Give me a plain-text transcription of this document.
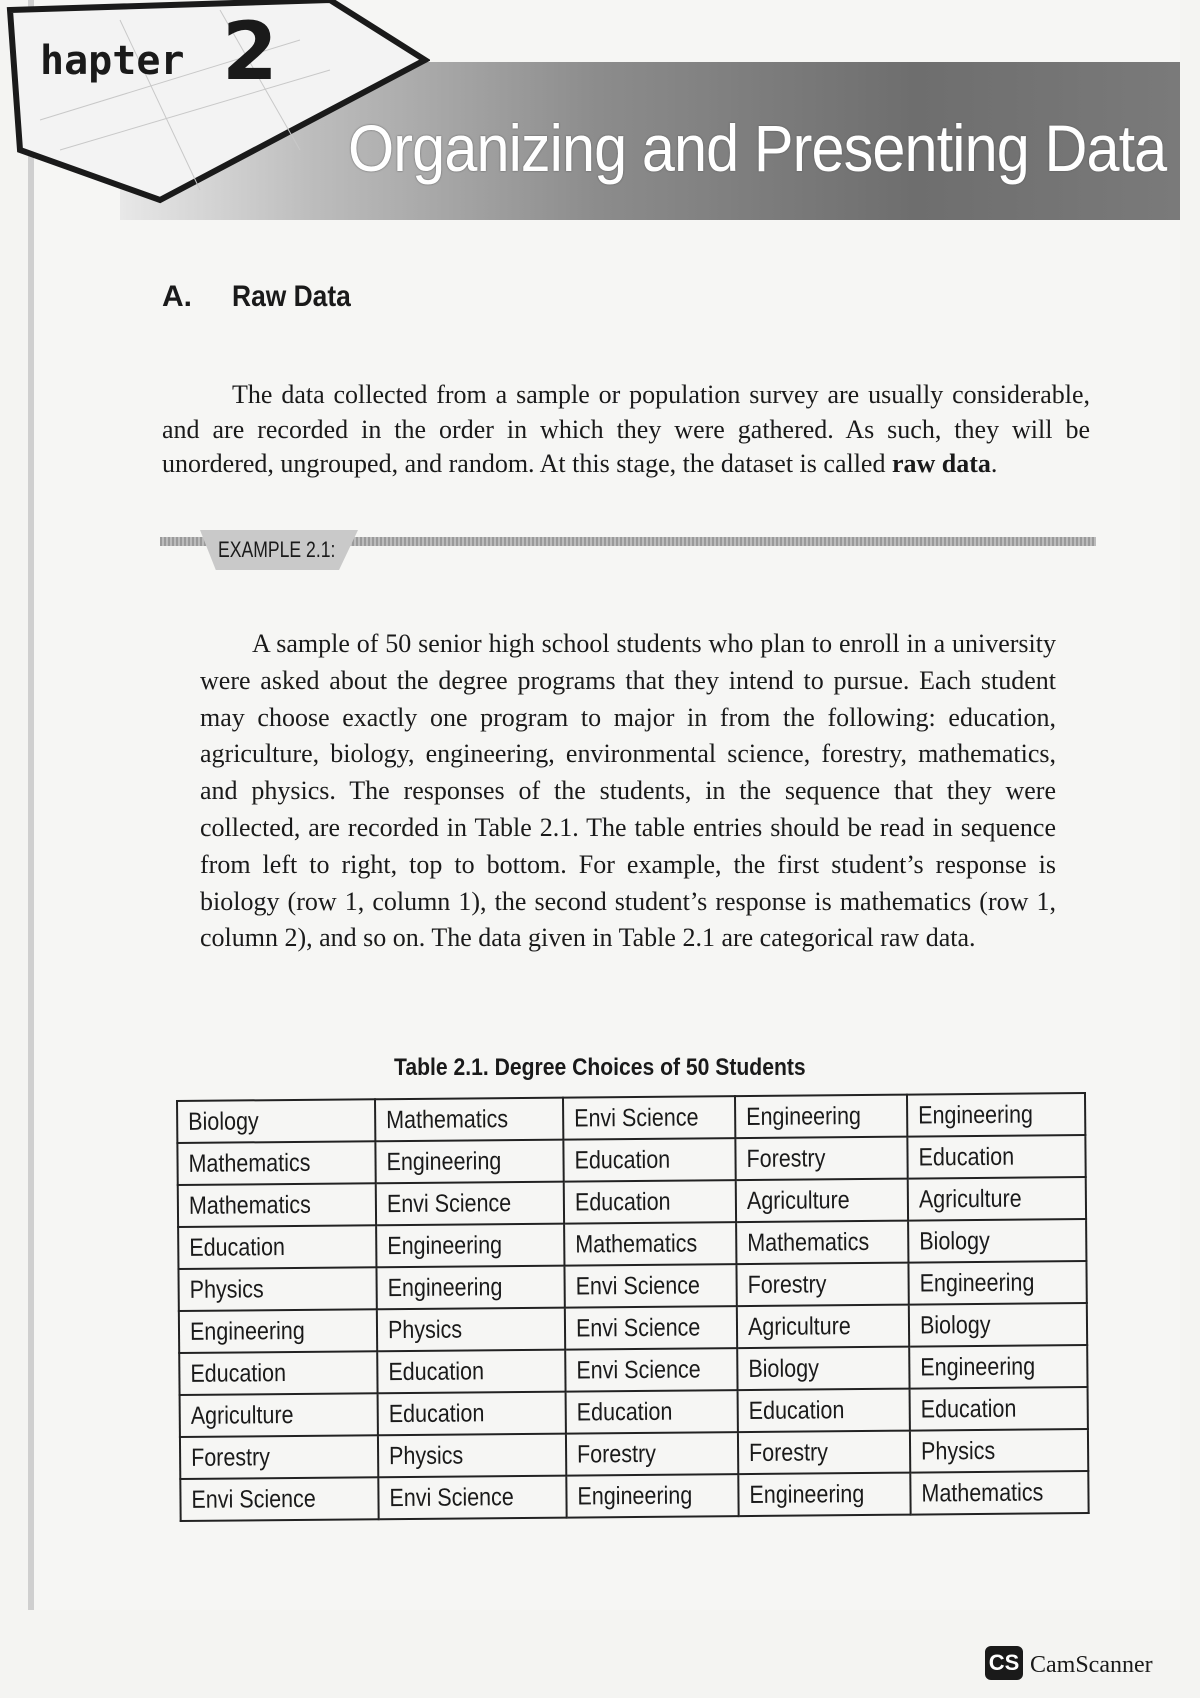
hapter 2
Organizing and Presenting Data
A. Raw Data

The data collected from a sample or population survey are usually considerable, and are recorded in the order in which they were gathered. As such, they will be unordered, ungrouped, and random. At this stage, the dataset is called raw data.

EXAMPLE 2.1:

A sample of 50 senior high school students who plan to enroll in a university were asked about the degree programs that they intend to pursue. Each student may choose exactly one program to major in from the following: education, agriculture, biology, engineering, environmental science, forestry, mathematics, and physics. The responses of the students, in the sequence that they were collected, are recorded in Table 2.1. The table entries should be read in sequence from left to right, top to bottom. For example, the first student’s response is biology (row 1, column 1), the second student’s response is mathematics (row 1, column 2), and so on. The data given in Table 2.1 are categorical raw data.

Table 2.1. Degree Choices of 50 Students
Biology	Mathematics	Envi Science	Engineering	Engineering
Mathematics	Engineering	Education	Forestry	Education
Mathematics	Envi Science	Education	Agriculture	Agriculture
Education	Engineering	Mathematics	Mathematics	Biology
Physics	Engineering	Envi Science	Forestry	Engineering
Engineering	Physics	Envi Science	Agriculture	Biology
Education	Education	Envi Science	Biology	Engineering
Agriculture	Education	Education	Education	Education
Forestry	Physics	Forestry	Forestry	Physics
Envi Science	Envi Science	Engineering	Engineering	Mathematics
CS CamScanner
